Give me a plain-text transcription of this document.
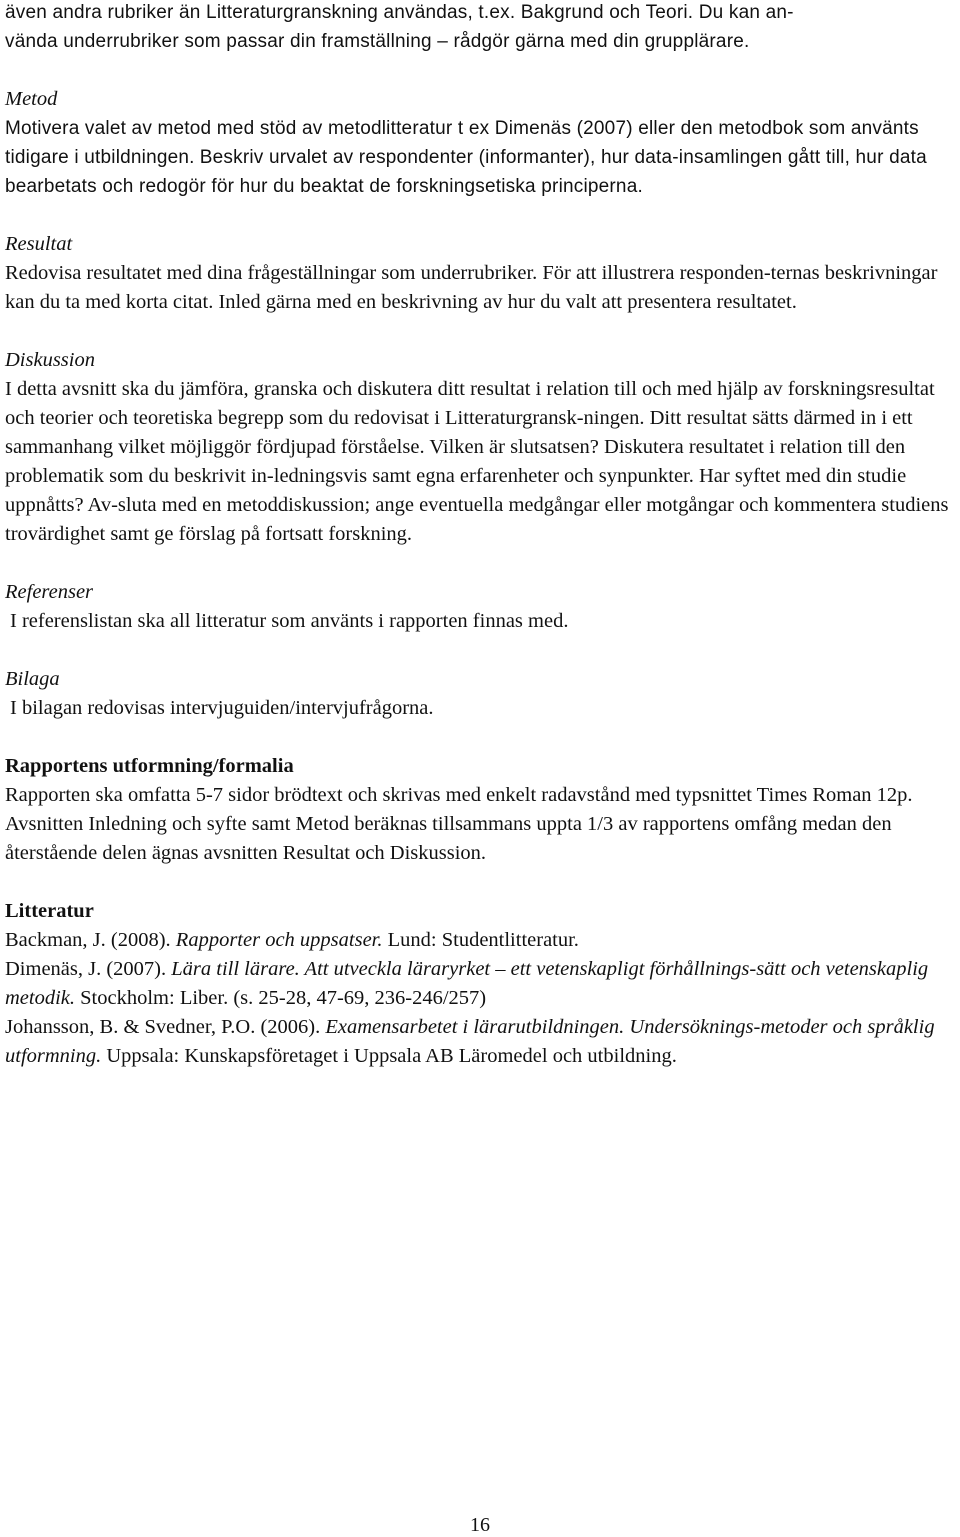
även andra rubriker än Litteraturgranskning användas, t.ex. Bakgrund och Teori. Du kan an-

vända underrubriker som passar din framställning – rådgör gärna med din grupplärare.

Metod

Motivera valet av metod med stöd av metodlitteratur t ex Dimenäs (2007) eller den metodbok som använts tidigare i utbildningen. Beskriv urvalet av respondenter (informanter), hur data-insamlingen gått till, hur data bearbetats och redogör för hur du beaktat de forskningsetiska principerna.

Resultat

Redovisa resultatet med dina frågeställningar som underrubriker. För att illustrera responden-ternas beskrivningar kan du ta med korta citat. Inled gärna med en beskrivning av hur du valt att presentera resultatet.

Diskussion

I detta avsnitt ska du jämföra, granska och diskutera ditt resultat i relation till och med hjälp av forskningsresultat och teorier och teoretiska begrepp som du redovisat i Litteraturgransk-ningen. Ditt resultat sätts därmed in i ett sammanhang vilket möjliggör fördjupad förståelse. Vilken är slutsatsen? Diskutera resultatet i relation till den problematik som du beskrivit in-ledningsvis samt egna erfarenheter och synpunkter. Har syftet med din studie uppnåtts? Av-sluta med en metoddiskussion; ange eventuella medgångar eller motgångar och kommentera studiens trovärdighet samt ge förslag på fortsatt forskning.

Referenser

I referenslistan ska all litteratur som använts i rapporten finnas med.

Bilaga

I bilagan redovisas intervjuguiden/intervjufrågorna.

Rapportens utformning/formalia

Rapporten ska omfatta 5-7 sidor brödtext och skrivas med enkelt radavstånd med typsnittet Times Roman 12p. Avsnitten Inledning och syfte samt Metod beräknas tillsammans uppta 1/3 av rapportens omfång medan den återstående delen ägnas avsnitten Resultat och Diskussion.

Litteratur

Backman, J. (2008). Rapporter och uppsatser. Lund: Studentlitteratur.

Dimenäs, J. (2007). Lära till lärare. Att utveckla läraryrket – ett vetenskapligt förhållnings-sätt och vetenskaplig metodik. Stockholm: Liber. (s. 25-28, 47-69, 236-246/257)

Johansson, B. & Svedner, P.O. (2006). Examensarbetet i lärarutbildningen. Undersöknings-metoder och språklig utformning. Uppsala: Kunskapsföretaget i Uppsala AB Läromedel och utbildning.

16
